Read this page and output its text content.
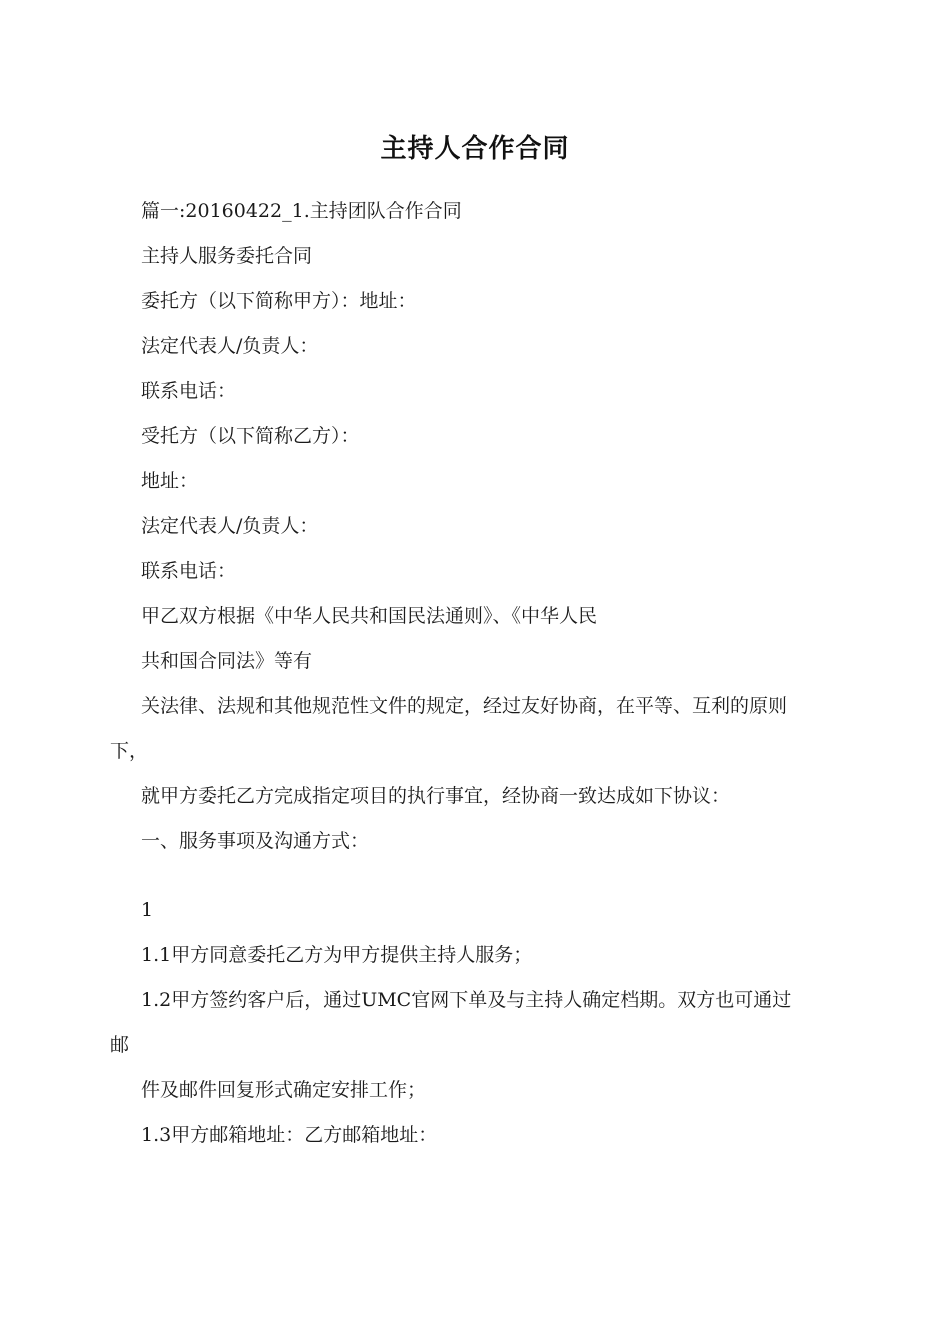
主持人合作合同
篇一:20160422_1.主持团队合作合同
主持人服务委托合同
委托方（以下简称甲方）：地址：
法定代表人/负责人：
联系电话：
受托方（以下简称乙方）：
地址：
法定代表人/负责人：
联系电话：
甲乙双方根据《中华人民共和国民法通则》、《中华人民
共和国合同法》等有
关法律、法规和其他规范性文件的规定，经过友好协商，在平等、互利的原则
下，
就甲方委托乙方完成指定项目的执行事宜，经协商一致达成如下协议：
一、服务事项及沟通方式：
1
1.1甲方同意委托乙方为甲方提供主持人服务；
1.2甲方签约客户后，通过UMC官网下单及与主持人确定档期。双方也可通过
邮
件及邮件回复形式确定安排工作；
1.3甲方邮箱地址：乙方邮箱地址：
